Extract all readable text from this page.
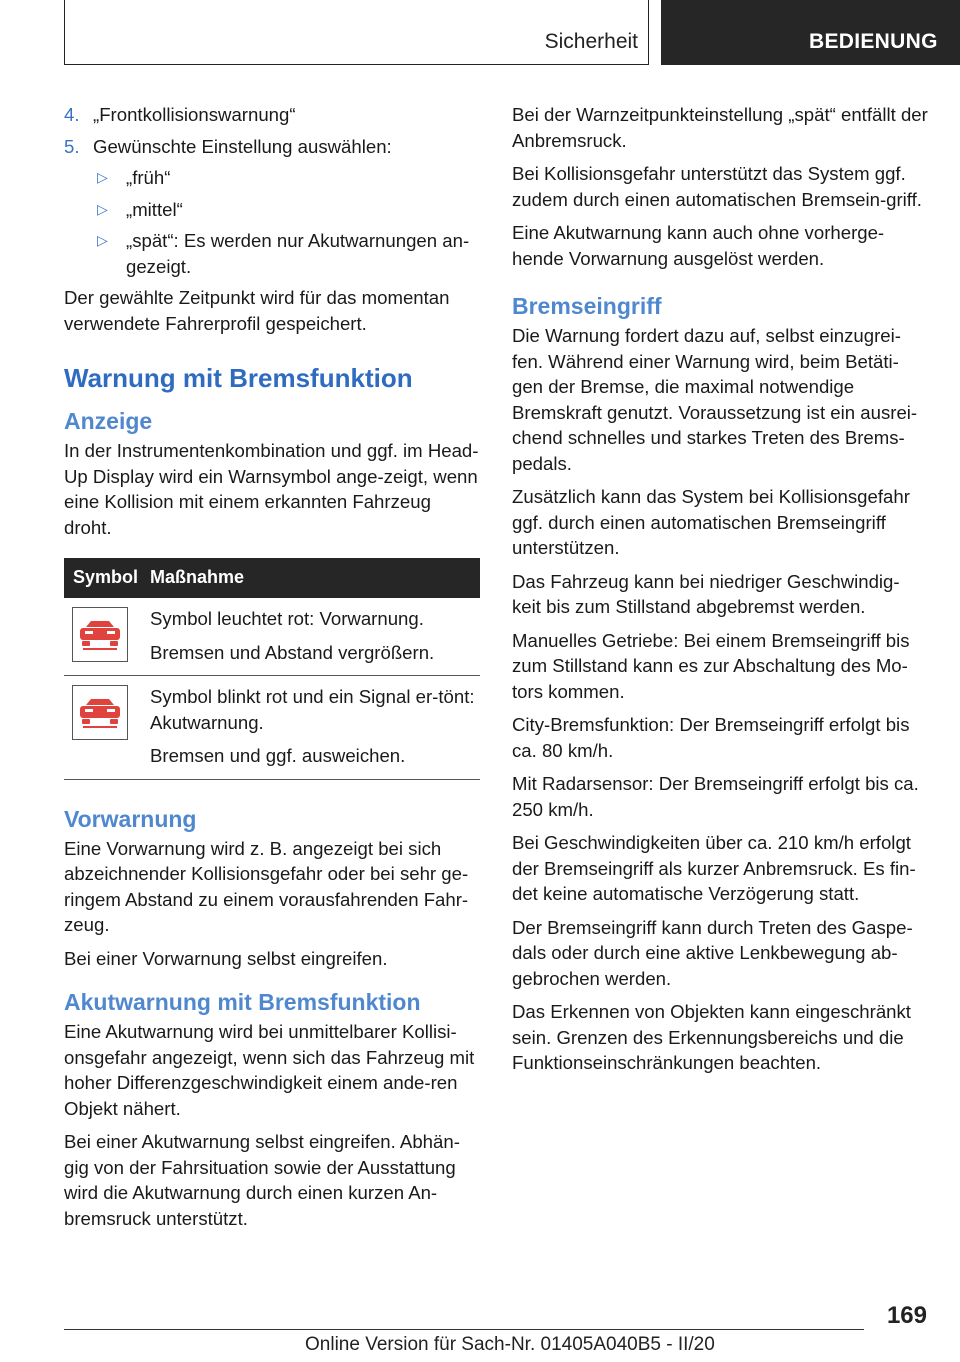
Sicherheit	BEDIENUNG
4. „Frontkollisionswarnung“
5. Gewünschte Einstellung auswählen:
▷ „früh“
▷ „mittel“
▷ „spät“: Es werden nur Akutwarnungen an-gezeigt.

Der gewählte Zeitpunkt wird für das momentan verwendete Fahrerprofil gespeichert.

Warnung mit Bremsfunktion
Anzeige

In der Instrumentenkombination und ggf. im Head-Up Display wird ein Warnsymbol ange-zeigt, wenn eine Kollision mit einem erkannten Fahrzeug droht.

Symbol	Maßnahme

Symbol leuchtet rot: Vorwarnung.
Bremsen und Abstand vergrößern.

Symbol blinkt rot und ein Signal er-tönt: Akutwarnung.
Bremsen und ggf. ausweichen.
Vorwarnung

Eine Vorwarnung wird z. B. angezeigt bei sich abzeichnender Kollisionsgefahr oder bei sehr ge-ringem Abstand zu einem vorausfahrenden Fahr-zeug.

Bei einer Vorwarnung selbst eingreifen.

Akutwarnung mit Bremsfunktion

Eine Akutwarnung wird bei unmittelbarer Kollisi-onsgefahr angezeigt, wenn sich das Fahrzeug mit hoher Differenzgeschwindigkeit einem ande-ren Objekt nähert.

Bei einer Akutwarnung selbst eingreifen. Abhän-gig von der Fahrsituation sowie der Ausstattung wird die Akutwarnung durch einen kurzen An-bremsruck unterstützt.

Bei der Warnzeitpunkteinstellung „spät“ entfällt der Anbremsruck.

Bei Kollisionsgefahr unterstützt das System ggf. zudem durch einen automatischen Bremsein-griff.

Eine Akutwarnung kann auch ohne vorherge-hende Vorwarnung ausgelöst werden.

Bremseingriff

Die Warnung fordert dazu auf, selbst einzugrei-fen. Während einer Warnung wird, beim Betäti-gen der Bremse, die maximal notwendige Bremskraft genutzt. Voraussetzung ist ein ausrei-chend schnelles und starkes Treten des Brems-pedals.

Zusätzlich kann das System bei Kollisionsgefahr ggf. durch einen automatischen Bremseingriff unterstützen.

Das Fahrzeug kann bei niedriger Geschwindig-keit bis zum Stillstand abgebremst werden.

Manuelles Getriebe: Bei einem Bremseingriff bis zum Stillstand kann es zur Abschaltung des Mo-tors kommen.

City-Bremsfunktion: Der Bremseingriff erfolgt bis ca. 80 km/h.

Mit Radarsensor: Der Bremseingriff erfolgt bis ca. 250 km/h.

Bei Geschwindigkeiten über ca. 210 km/h erfolgt der Bremseingriff als kurzer Anbremsruck. Es fin-det keine automatische Verzögerung statt.

Der Bremseingriff kann durch Treten des Gaspe-dals oder durch eine aktive Lenkbewegung ab-gebrochen werden.

Das Erkennen von Objekten kann eingeschränkt sein. Grenzen des Erkennungsbereichs und die Funktionseinschränkungen beachten.

169
Online Version für Sach-Nr. 01405A040B5 - II/20
